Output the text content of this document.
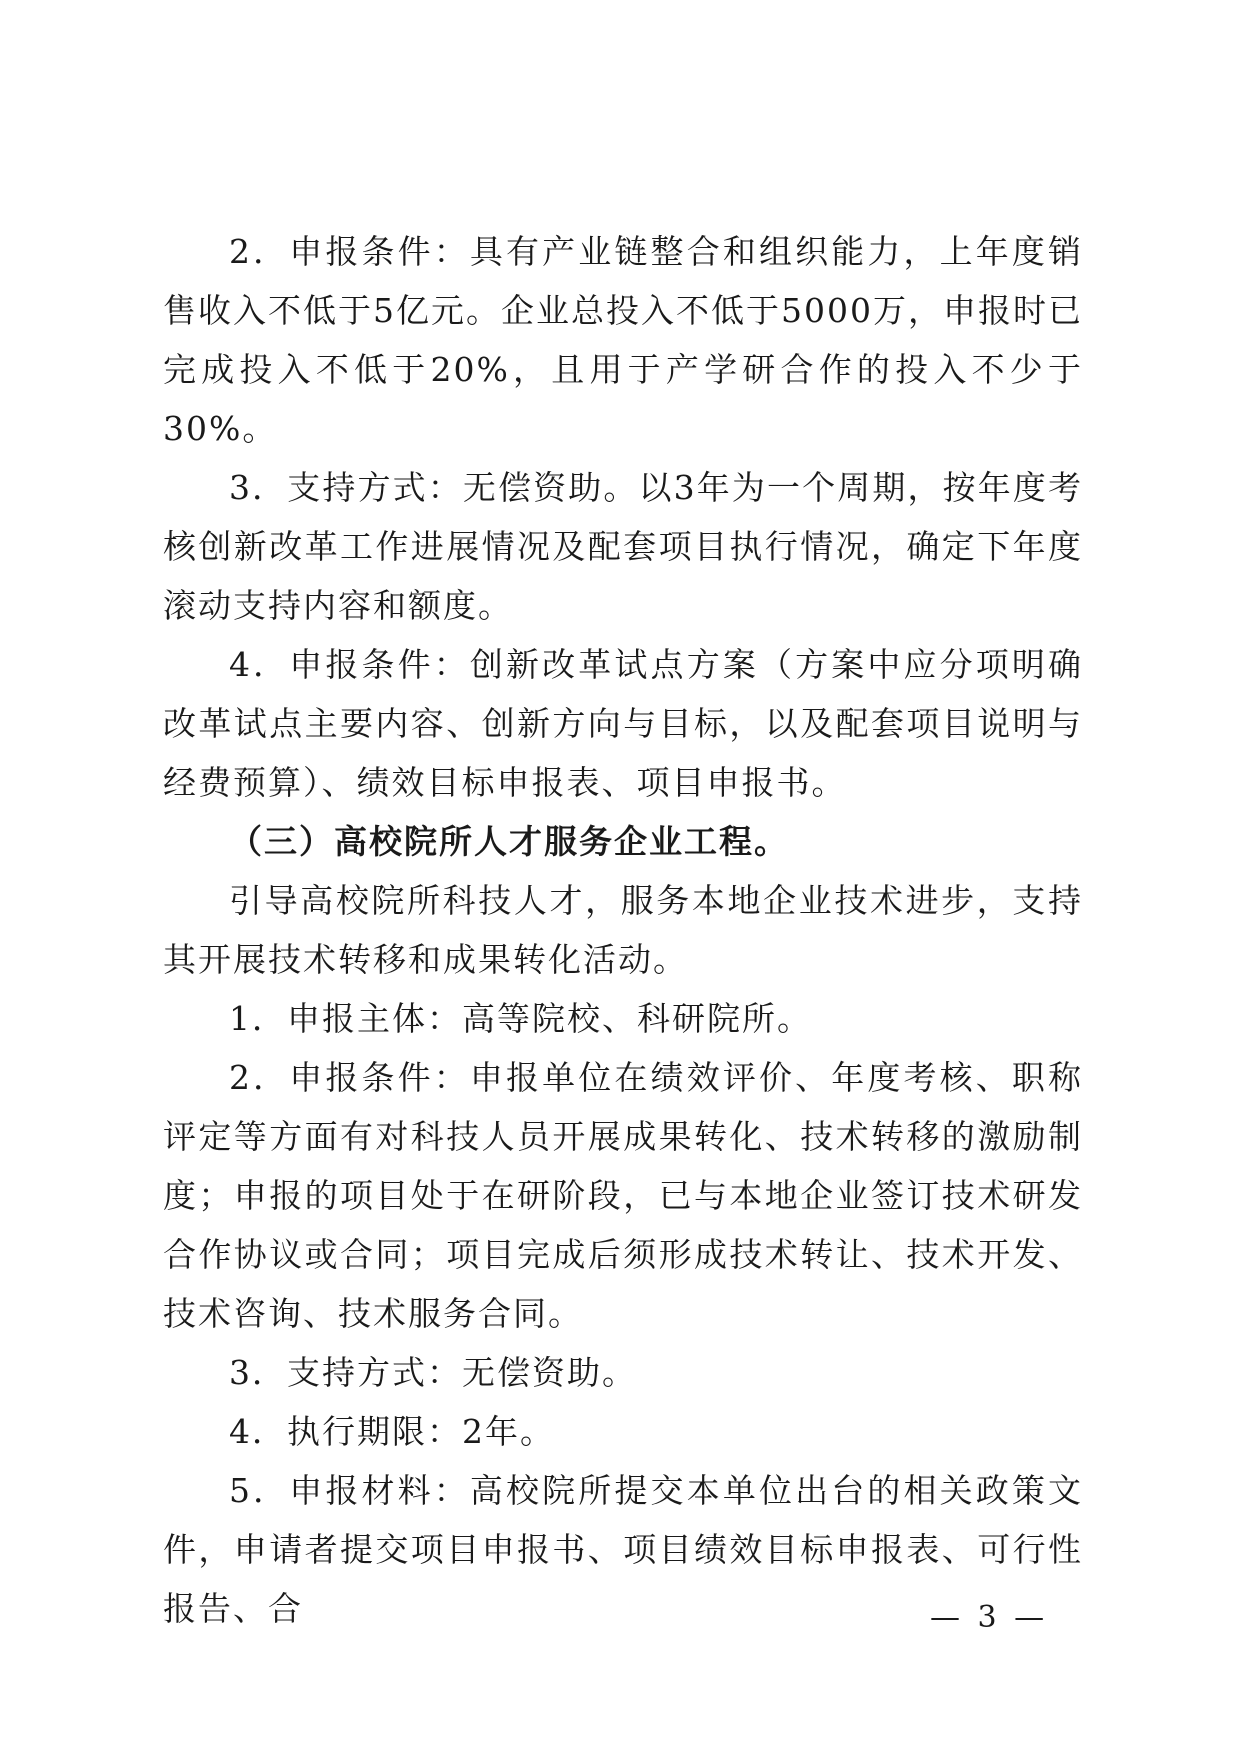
2．申报条件：具有产业链整合和组织能力，上年度销售收入不低于5亿元。企业总投入不低于5000万，申报时已完成投入不低于20%，且用于产学研合作的投入不少于30%。

3．支持方式：无偿资助。以3年为一个周期，按年度考核创新改革工作进展情况及配套项目执行情况，确定下年度滚动支持内容和额度。

4．申报条件：创新改革试点方案（方案中应分项明确改革试点主要内容、创新方向与目标，以及配套项目说明与经费预算）、绩效目标申报表、项目申报书。

（三）高校院所人才服务企业工程。

引导高校院所科技人才，服务本地企业技术进步，支持其开展技术转移和成果转化活动。

1．申报主体：高等院校、科研院所。

2．申报条件：申报单位在绩效评价、年度考核、职称评定等方面有对科技人员开展成果转化、技术转移的激励制度；申报的项目处于在研阶段，已与本地企业签订技术研发合作协议或合同；项目完成后须形成技术转让、技术开发、技术咨询、技术服务合同。

3．支持方式：无偿资助。

4．执行期限：2年。

5．申报材料：高校院所提交本单位出台的相关政策文件，申请者提交项目申报书、项目绩效目标申报表、可行性报告、合	— 3 —
